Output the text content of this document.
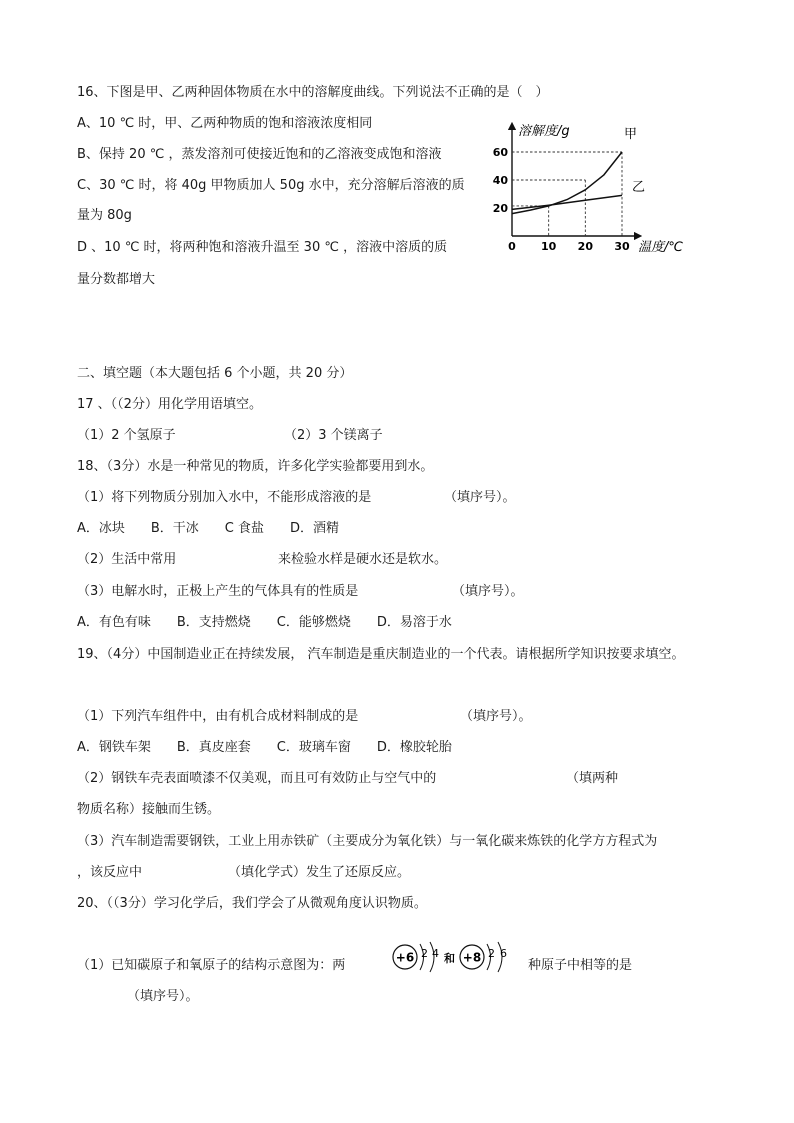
16、下图是甲、乙两种固体物质在水中的溶解度曲线。下列说法不正确的是（　）
A、10 ℃ 时，甲、乙两种物质的饱和溶液浓度相同
B、保持 20 ℃ ，蒸发溶剂可使接近饱和的乙溶液变成饱和溶液
C、30 ℃ 时，将 40g 甲物质加人 50g 水中，充分溶解后溶液的质
量为 80g
D 、10 ℃ 时，将两种饱和溶液升温至 30 ℃ ，溶液中溶质的质
量分数都增大
0 10 20 30
20
40
60
溶解度/g
温度/℃
甲
乙
二、填空题（本大题包括 6 个小题，共 20 分）
17 、（（2分）用化学用语填空。
（1）2 个氢原子	（2）3 个镁离子
18、（3分）水是一种常见的物质，许多化学实验都要用到水。
（1）将下列物质分别加入水中，不能形成溶液的是	（填序号）。
A．冰块　　B．干冰　　C 食盐　　D．酒精
（2）生活中常用	来检验水样是硬水还是软水。
（3）电解水时，正极上产生的气体具有的性质是	（填序号）。
A．有色有味　　B．支持燃烧　　C．能够燃烧　　D．易溶于水
19、（4分）中国制造业正在持续发展， 汽车制造是重庆制造业的一个代表。请根据所学知识按要求填空。
（1）下列汽车组件中，由有机合成材料制成的是	（填序号）。
A．钢铁车架　　B．真皮座套　　C．玻璃车窗　　D．橡胶轮胎
（2）钢铁车壳表面喷漆不仅美观，而且可有效防止与空气中的	（填两种
物质名称）接触而生锈。
（3）汽车制造需要钢铁，工业上用赤铁矿（主要成分为氧化铁）与一氧化碳来炼铁的化学方方程式为
，该反应中	（填化学式）发生了还原反应。
20、（（3分）学习化学后，我们学会了从微观角度认识物质。
（1）已知碳原子和氧原子的结构示意图为：两
+6 2 4 和 +8 2 6
种原子中相等的是
（填序号）。
